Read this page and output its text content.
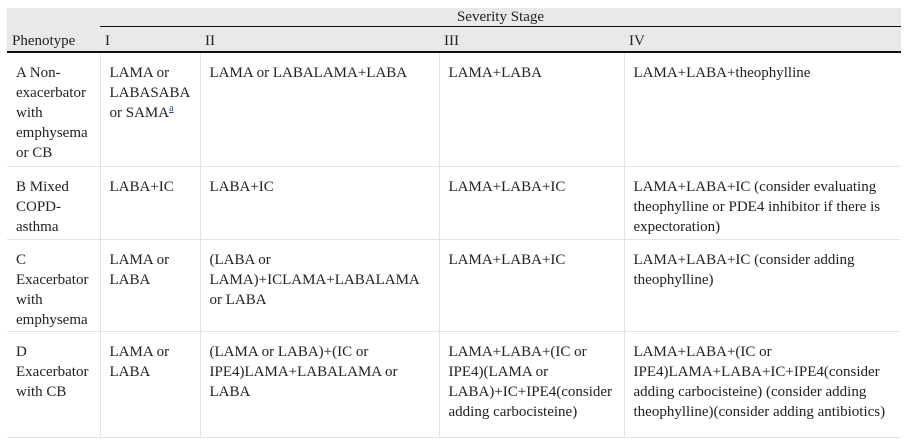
	Severity Stage			
Phenotype	I	II	III	IV
A Non-exacerbator with emphysema or CB	LAMA or LABASABA or SAMA$^a$	LAMA or LABALAMA+LABA	LAMA+LABA	LAMA+LABA+theophylline
B Mixed COPD-asthma	LABA+IC	LABA+IC	LAMA+LABA+IC	LAMA+LABA+IC (consider evaluating theophylline or PDE4 inhibitor if there is expectoration)
C Exacerbator with emphysema	LAMA or LABA	(LABA or LAMA)+ICLAMA+LABALAMA or LABA	LAMA+LABA+IC	LAMA+LABA+IC (consider adding theophylline)
D Exacerbator with CB	LAMA or LABA	(LAMA or LABA)+(IC or IPE4)LAMA+LABALAMA or LABA	LAMA+LABA+(IC or IPE4)(LAMA or LABA)+IC+IPE4(consider adding carbocisteine)	LAMA+LABA+(IC or IPE4)LAMA+LABA+IC+IPE4(consider adding carbocisteine) (consider adding theophylline)(consider adding antibiotics)
